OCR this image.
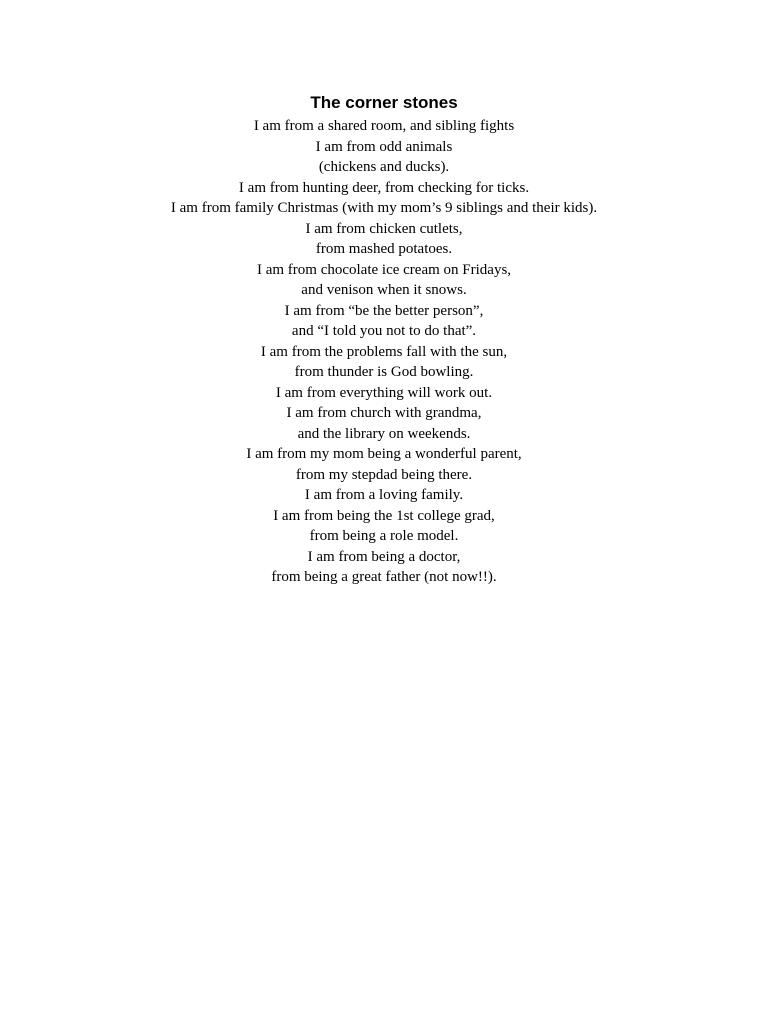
The corner stones
I am from a shared room, and sibling fights
I am from odd animals
(chickens and ducks).
I am from hunting deer, from checking for ticks.
I am from family Christmas (with my mom’s 9 siblings and their kids).
I am from chicken cutlets,
from mashed potatoes.
I am from chocolate ice cream on Fridays,
and venison when it snows.
I am from “be the better person”,
and “I told you not to do that”.
I am from the problems fall with the sun,
from thunder is God bowling.
I am from everything will work out.
I am from church with grandma,
and the library on weekends.
I am from my mom being a wonderful parent,
from my stepdad being there.
I am from a loving family.
I am from being the 1st college grad,
from being a role model.
I am from being a doctor,
from being a great father (not now!!).
